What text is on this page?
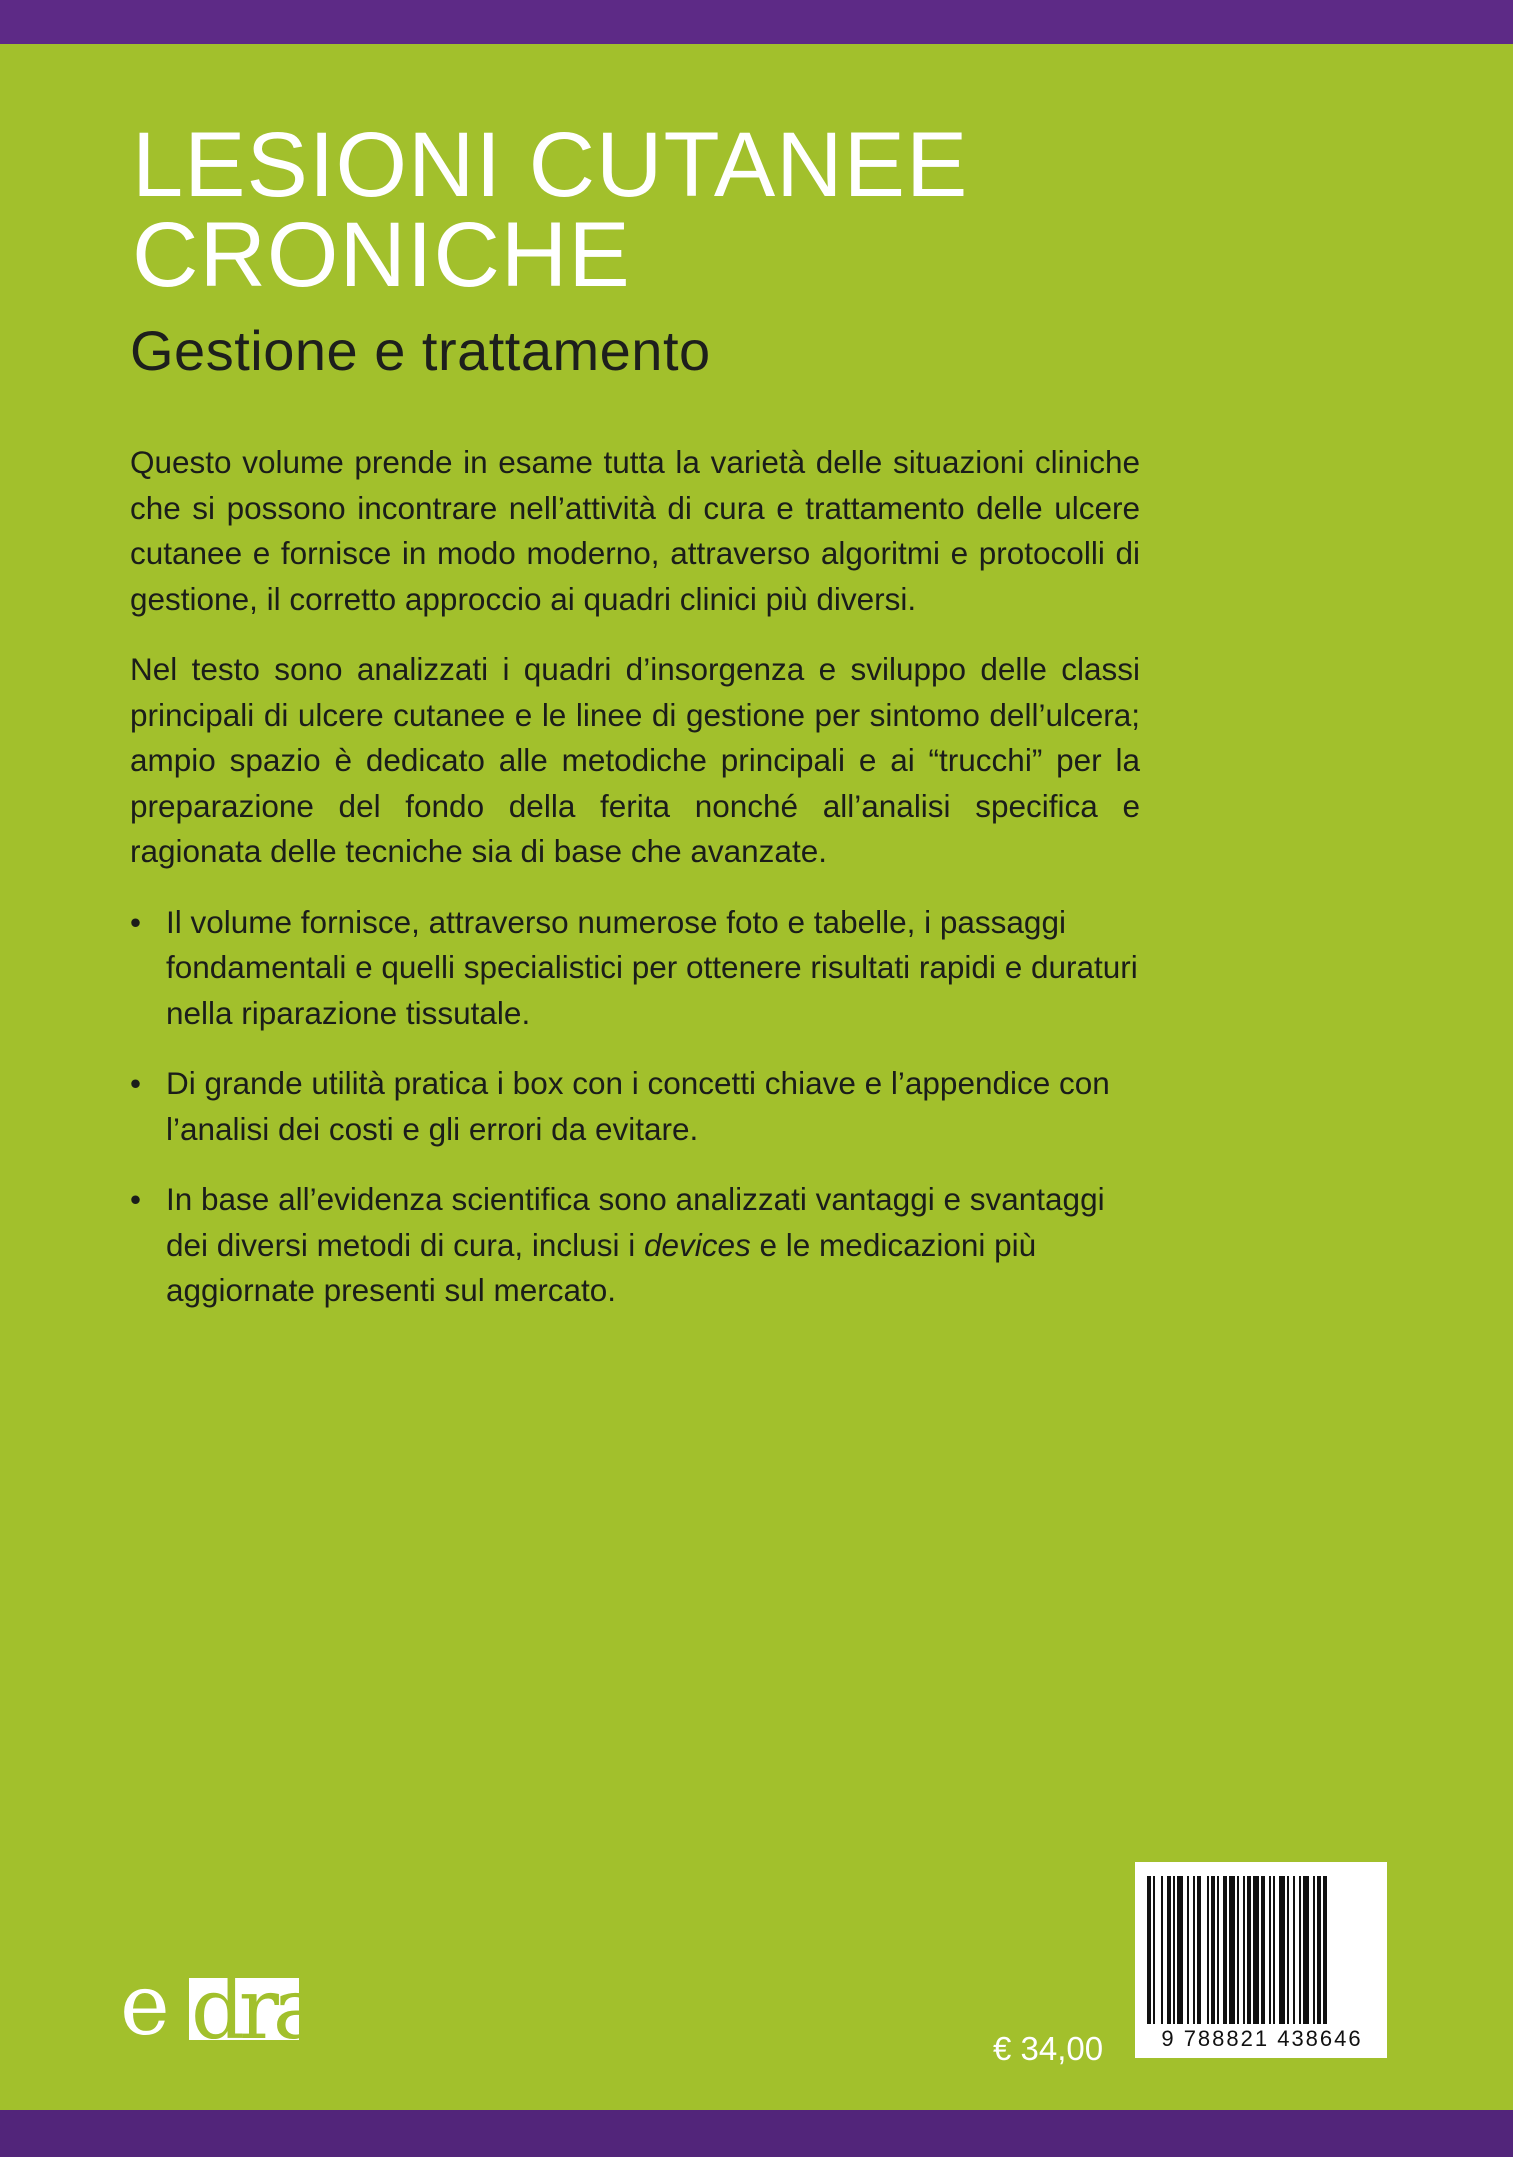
LESIONI CUTANEE
CRONICHE
Gestione e trattamento

Questo volume prende in esame tutta la varietà delle situazioni cliniche che si possono incontrare nell’attività di cura e trattamento delle ulcere cutanee e fornisce in modo moderno, attraverso algoritmi e protocolli di gestione, il corretto approccio ai quadri clinici più diversi.

Nel testo sono analizzati i quadri d’insorgenza e sviluppo delle classi principali di ulcere cutanee e le linee di gestione per sintomo dell’ulcera; ampio spazio è dedicato alle metodiche principali e ai “trucchi” per la preparazione del fondo della ferita nonché all’analisi specifica e ragionata delle tecniche sia di base che avanzate.

• Il volume fornisce, attraverso numerose foto e tabelle, i passaggi fondamentali e quelli specialistici per ottenere risultati rapidi e duraturi nella riparazione tissutale.
• Di grande utilità pratica i box con i concetti chiave e l’appendice con l’analisi dei costi e gli errori da evitare.
• In base all’evidenza scientifica sono analizzati vantaggi e svantaggi dei diversi metodi di cura, inclusi i devices e le medicazioni più aggiornate presenti sul mercato.
e dra	€ 34,00	9 788821 438646
